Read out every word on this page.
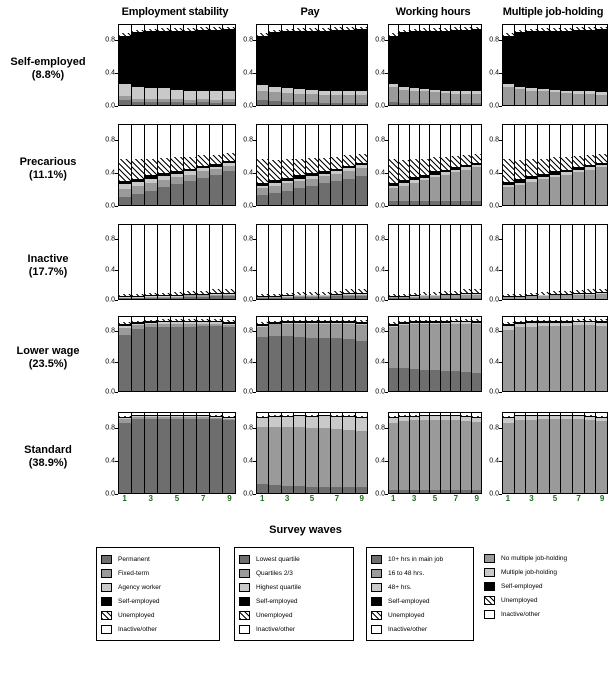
Employment stability	Pay	Working hours	Multiple job-holding
Self-employed
(8.8%)
Precarious
(11.1%)
Inactive
(17.7%)
Lower wage
(23.5%)
Standard
(38.9%)
0.0
0.4
0.8
0.0
0.4
0.8
0.0
0.4
0.8
0.0
0.4
0.8
0.0
0.4
0.8
0.0
0.4
0.8
0.0
0.4
0.8
0.0
0.4
0.8
0.0
0.4
0.8
0.0
0.4
0.8
0.0
0.4
0.8
0.0
0.4
0.8
0.0
0.4
0.8
0.0
0.4
0.8
0.0
0.4
0.8
0.0
0.4
0.8
0.0
0.4
0.8
1	3	5	7	9 0.0
0.4
0.8
1	3	5	7	9 0.0
0.4
0.8
1 3 5 7 9 0.0
0.4
0.8
1 3 5 7 9
Survey waves
Permanent
Fixed-term
Agency worker
Self-employed
Unemployed
Inactive/other
Lowest quartile
Quartiles 2/3
Highest quartile
Self-employed
Unemployed
Inactive/other
10+ hrs in main job
16 to 48 hrs.
48+ hrs.
Self-employed
Unemployed
Inactive/other
No multiple job-holding
Multiple job-holding
Self-employed
Unemployed
Inactive/other
